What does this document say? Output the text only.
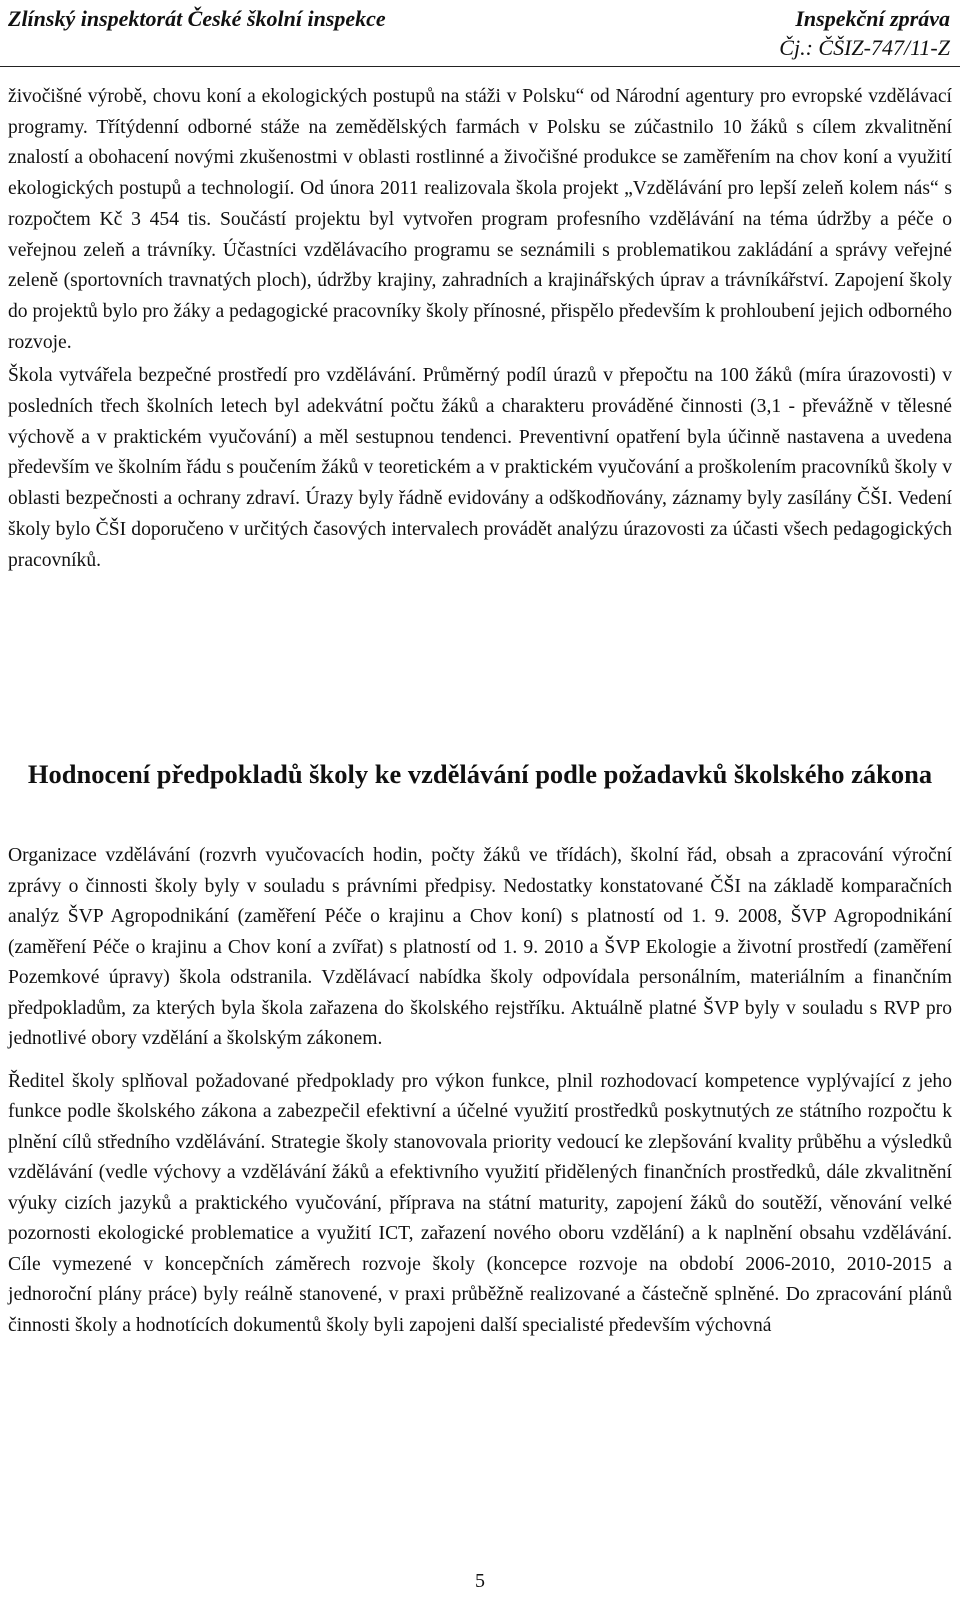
Zlínský inspektorát České školní inspekce	Inspekční zpráva
Čj.: ČŠIZ-747/11-Z

živočišné výrobě, chovu koní a ekologických postupů na stáži v Polsku“ od Národní agentury pro evropské vzdělávací programy. Třítýdenní odborné stáže na zemědělských farmách v Polsku se zúčastnilo 10 žáků s cílem zkvalitnění znalostí a obohacení novými zkušenostmi v oblasti rostlinné a živočišné produkce se zaměřením na chov koní a využití ekologických postupů a technologií. Od února 2011 realizovala škola projekt „Vzdělávání pro lepší zeleň kolem nás“ s rozpočtem Kč 3 454 tis. Součástí projektu byl vytvořen program profesního vzdělávání na téma údržby a péče o veřejnou zeleň a trávníky. Účastníci vzdělávacího programu se seznámili s problematikou zakládání a správy veřejné zeleně (sportovních travnatých ploch), údržby krajiny, zahradních a krajinářských úprav a trávníkářství. Zapojení školy do projektů bylo pro žáky a pedagogické pracovníky školy přínosné, přispělo především k prohloubení jejich odborného rozvoje.

Škola vytvářela bezpečné prostředí pro vzdělávání. Průměrný podíl úrazů v přepočtu na 100 žáků (míra úrazovosti) v posledních třech školních letech byl adekvátní počtu žáků a charakteru prováděné činnosti (3,1 - převážně v tělesné výchově a v praktickém vyučování) a měl sestupnou tendenci. Preventivní opatření byla účinně nastavena a uvedena především ve školním řádu s poučením žáků v teoretickém a v praktickém vyučování a proškolením pracovníků školy v oblasti bezpečnosti a ochrany zdraví. Úrazy byly řádně evidovány a odškodňovány, záznamy byly zasílány ČŠI. Vedení školy bylo ČŠI doporučeno v určitých časových intervalech provádět analýzu úrazovosti za účasti všech pedagogických pracovníků.

Hodnocení předpokladů školy ke vzdělávání podle požadavků školského zákona

Organizace vzdělávání (rozvrh vyučovacích hodin, počty žáků ve třídách), školní řád, obsah a zpracování výroční zprávy o činnosti školy byly v souladu s právními předpisy. Nedostatky konstatované ČŠI na základě komparačních analýz ŠVP Agropodnikání (zaměření Péče o krajinu a Chov koní) s platností od 1. 9. 2008, ŠVP Agropodnikání (zaměření Péče o krajinu a Chov koní a zvířat) s platností od 1. 9. 2010 a ŠVP Ekologie a životní prostředí (zaměření Pozemkové úpravy) škola odstranila. Vzdělávací nabídka školy odpovídala personálním, materiálním a finančním předpokladům, za kterých byla škola zařazena do školského rejstříku. Aktuálně platné ŠVP byly v souladu s RVP pro jednotlivé obory vzdělání a školským zákonem.

Ředitel školy splňoval požadované předpoklady pro výkon funkce, plnil rozhodovací kompetence vyplývající z jeho funkce podle školského zákona a zabezpečil efektivní a účelné využití prostředků poskytnutých ze státního rozpočtu k plnění cílů středního vzdělávání. Strategie školy stanovovala priority vedoucí ke zlepšování kvality průběhu a výsledků vzdělávání (vedle výchovy a vzdělávání žáků a efektivního využití přidělených finančních prostředků, dále zkvalitnění výuky cizích jazyků a praktického vyučování, příprava na státní maturity, zapojení žáků do soutěží, věnování velké pozornosti ekologické problematice a využití ICT, zařazení nového oboru vzdělání) a k naplnění obsahu vzdělávání. Cíle vymezené v koncepčních záměrech rozvoje školy (koncepce rozvoje na období 2006-2010, 2010-2015 a jednoroční plány práce) byly reálně stanovené, v praxi průběžně realizované a částečně splněné. Do zpracování plánů činnosti školy a hodnotících dokumentů školy byli zapojeni další specialisté především výchovná

5
